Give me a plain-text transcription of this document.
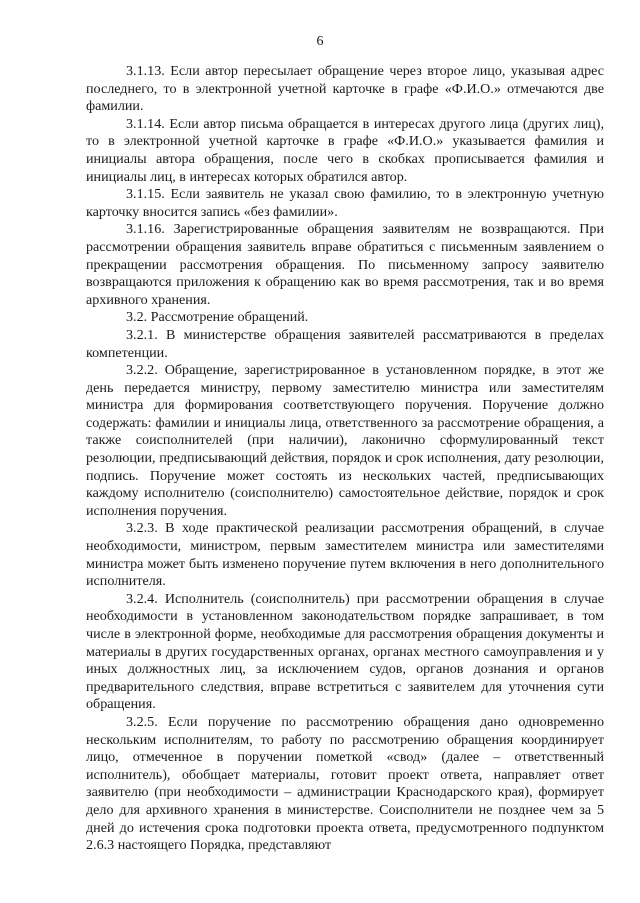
6

3.1.13. Если автор пересылает обращение через второе лицо, указывая адрес последнего, то в электронной учетной карточке в графе «Ф.И.О.» отмечаются две фамилии.

3.1.14. Если автор письма обращается в интересах другого лица (других лиц), то в электронной учетной карточке в графе «Ф.И.О.» указывается фамилия и инициалы автора обращения, после чего в скобках прописывается фамилия и инициалы лиц, в интересах которых обратился автор.

3.1.15. Если заявитель не указал свою фамилию, то в электронную учетную карточку вносится запись «без фамилии».

3.1.16. Зарегистрированные обращения заявителям не возвращаются. При рассмотрении обращения заявитель вправе обратиться с письменным заявлением о прекращении рассмотрения обращения. По письменному запросу заявителю возвращаются приложения к обращению как во время рассмотрения, так и во время архивного хранения.

3.2. Рассмотрение обращений.

3.2.1. В министерстве обращения заявителей рассматриваются в пределах компетенции.

3.2.2. Обращение, зарегистрированное в установленном порядке, в этот же день передается министру, первому заместителю министра или заместителям министра для формирования соответствующего поручения. Поручение должно содержать: фамилии и инициалы лица, ответственного за рассмотрение обращения, а также соисполнителей (при наличии), лаконично сформулированный текст резолюции, предписывающий действия, порядок и срок исполнения, дату резолюции, подпись. Поручение может состоять из нескольких частей, предписывающих каждому исполнителю (соисполнителю) самостоятельное действие, порядок и срок исполнения поручения.

3.2.3. В ходе практической реализации рассмотрения обращений, в случае необходимости, министром, первым заместителем министра или заместителями министра может быть изменено поручение путем включения в него дополнительного исполнителя.

3.2.4. Исполнитель (соисполнитель) при рассмотрении обращения в случае необходимости в установленном законодательством порядке запрашивает, в том числе в электронной форме, необходимые для рассмотрения обращения документы и материалы в других государственных органах, органах местного самоуправления и у иных должностных лиц, за исключением судов, органов дознания и органов предварительного следствия, вправе встретиться с заявителем для уточнения сути обращения.

3.2.5. Если поручение по рассмотрению обращения дано одновременно нескольким исполнителям, то работу по рассмотрению обращения координирует лицо, отмеченное в поручении пометкой «свод» (далее – ответственный исполнитель), обобщает материалы, готовит проект ответа, направляет ответ заявителю (при необходимости – администрации Краснодарского края), формирует дело для архивного хранения в министерстве. Соисполнители не позднее чем за 5 дней до истечения срока подготовки проекта ответа, предусмотренного подпунктом 2.6.3 настоящего Порядка, представляют
